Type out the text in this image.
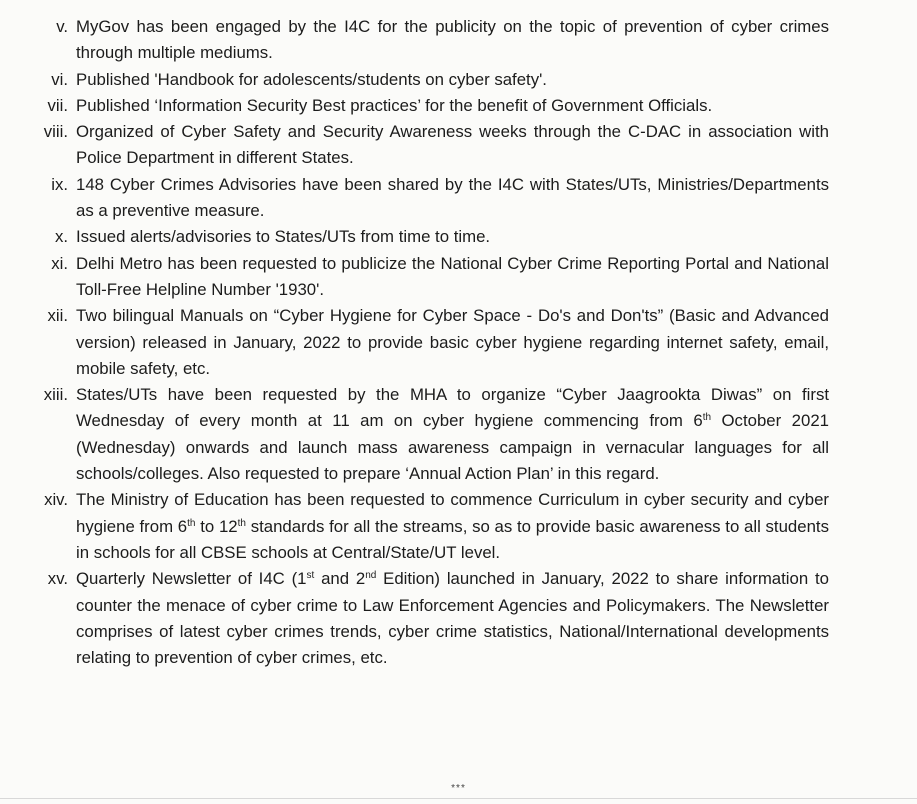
v. MyGov has been engaged by the I4C for the publicity on the topic of prevention of cyber crimes through multiple mediums.
vi. Published 'Handbook for adolescents/students on cyber safety'.
vii. Published ‘Information Security Best practices’ for the benefit of Government Officials.
viii. Organized of Cyber Safety and Security Awareness weeks through the C-DAC in association with Police Department in different States.
ix. 148 Cyber Crimes Advisories have been shared by the I4C with States/UTs, Ministries/Departments as a preventive measure.
x. Issued alerts/advisories to States/UTs from time to time.
xi. Delhi Metro has been requested to publicize the National Cyber Crime Reporting Portal and National Toll-Free Helpline Number '1930'.
xii. Two bilingual Manuals on “Cyber Hygiene for Cyber Space - Do's and Don'ts” (Basic and Advanced version) released in January, 2022 to provide basic cyber hygiene regarding internet safety, email, mobile safety, etc.
xiii. States/UTs have been requested by the MHA to organize “Cyber Jaagrookta Diwas” on first Wednesday of every month at 11 am on cyber hygiene commencing from 6th October 2021 (Wednesday) onwards and launch mass awareness campaign in vernacular languages for all schools/colleges. Also requested to prepare ‘Annual Action Plan’ in this regard.
xiv. The Ministry of Education has been requested to commence Curriculum in cyber security and cyber hygiene from 6th to 12th standards for all the streams, so as to provide basic awareness to all students in schools for all CBSE schools at Central/State/UT level.
xv. Quarterly Newsletter of I4C (1st and 2nd Edition) launched in January, 2022 to share information to counter the menace of cyber crime to Law Enforcement Agencies and Policymakers. The Newsletter comprises of latest cyber crimes trends, cyber crime statistics, National/International developments relating to prevention of cyber crimes, etc.
***
